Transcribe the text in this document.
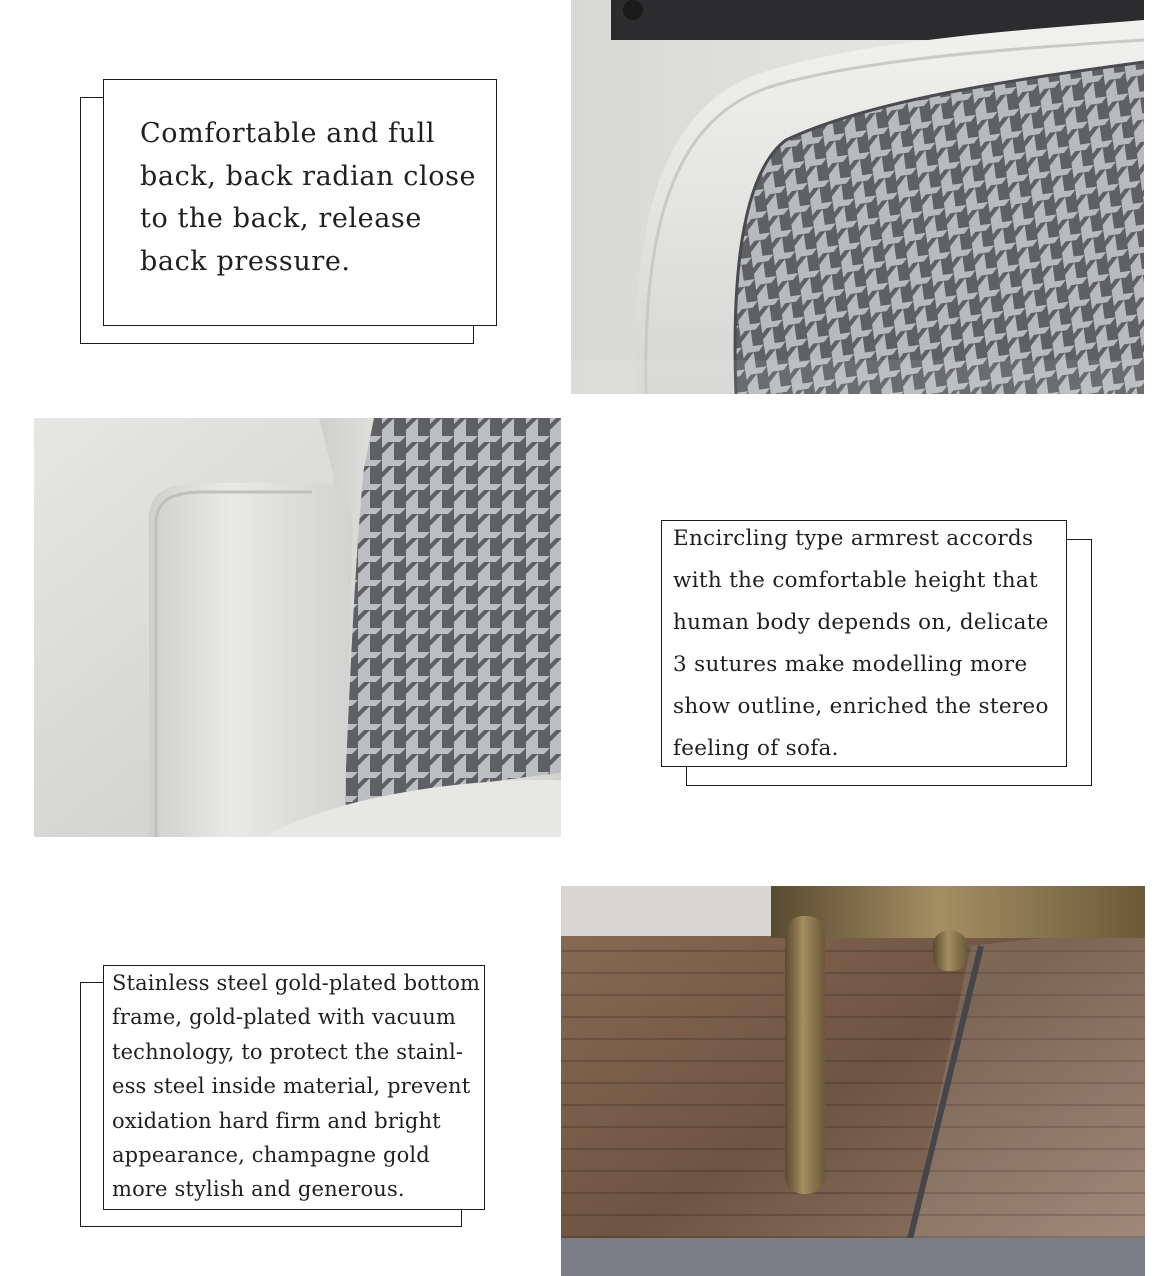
Comfortable and full
back, back radian close
to the back, release
back pressure.

Encircling type armrest accords
with the comfortable height that
human body depends on, delicate
3 sutures make modelling more
show outline, enriched the stereo
feeling of sofa.

Stainless steel gold-plated bottom
frame, gold-plated with vacuum
technology, to protect the stainl-
ess steel inside material, prevent
oxidation hard firm and bright
appearance, champagne gold
more stylish and generous.
